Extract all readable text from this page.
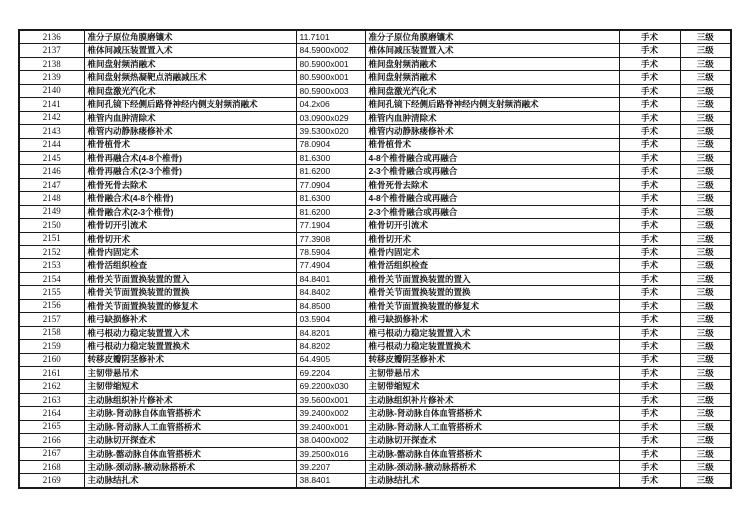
2136	准分子原位角膜磨镶术	11.7101	准分子原位角膜磨镶术	手术	三级
2137	椎体间减压装置置入术	84.5900x002	椎体间减压装置置入术	手术	三级
2138	椎间盘射频消融术	80.5900x001	椎间盘射频消融术	手术	三级
2139	椎间盘射频热凝靶点消融减压术	80.5900x001	椎间盘射频消融术	手术	三级
2140	椎间盘激光汽化术	80.5900x003	椎间盘激光汽化术	手术	三级
2141	椎间孔镜下经侧后路脊神经内侧支射频消融术	04.2x06	椎间孔镜下经侧后路脊神经内侧支射频消融术	手术	三级
2142	椎管内血肿清除术	03.0900x029	椎管内血肿清除术	手术	三级
2143	椎管内动静脉瘘修补术	39.5300x020	椎管内动静脉瘘修补术	手术	三级
2144	椎骨植骨术	78.0904	椎骨植骨术	手术	三级
2145	椎骨再融合术(4-8个椎骨)	81.6300	4-8个椎骨融合或再融合	手术	三级
2146	椎骨再融合术(2-3个椎骨)	81.6200	2-3个椎骨融合或再融合	手术	三级
2147	椎骨死骨去除术	77.0904	椎骨死骨去除术	手术	三级
2148	椎骨融合术(4-8个椎骨)	81.6300	4-8个椎骨融合或再融合	手术	三级
2149	椎骨融合术(2-3个椎骨)	81.6200	2-3个椎骨融合或再融合	手术	三级
2150	椎骨切开引流术	77.1904	椎骨切开引流术	手术	三级
2151	椎骨切开术	77.3908	椎骨切开术	手术	三级
2152	椎骨内固定术	78.5904	椎骨内固定术	手术	三级
2153	椎骨活组织检查	77.4904	椎骨活组织检查	手术	三级
2154	椎骨关节面置换装置的置入	84.8401	椎骨关节面置换装置的置入	手术	三级
2155	椎骨关节面置换装置的置换	84.8402	椎骨关节面置换装置的置换	手术	三级
2156	椎骨关节面置换装置的修复术	84.8500	椎骨关节面置换装置的修复术	手术	三级
2157	椎弓缺损修补术	03.5904	椎弓缺损修补术	手术	三级
2158	椎弓根动力稳定装置置入术	84.8201	椎弓根动力稳定装置置入术	手术	三级
2159	椎弓根动力稳定装置置换术	84.8202	椎弓根动力稳定装置置换术	手术	三级
2160	转移皮瓣阴茎修补术	64.4905	转移皮瓣阴茎修补术	手术	三级
2161	主韧带悬吊术	69.2204	主韧带悬吊术	手术	三级
2162	主韧带缩短术	69.2200x030	主韧带缩短术	手术	三级
2163	主动脉组织补片修补术	39.5600x001	主动脉组织补片修补术	手术	三级
2164	主动脉-肾动脉自体血管搭桥术	39.2400x002	主动脉-肾动脉自体血管搭桥术	手术	三级
2165	主动脉-肾动脉人工血管搭桥术	39.2400x001	主动脉-肾动脉人工血管搭桥术	手术	三级
2166	主动脉切开探查术	38.0400x002	主动脉切开探查术	手术	三级
2167	主动脉-髂动脉自体血管搭桥术	39.2500x016	主动脉-髂动脉自体血管搭桥术	手术	三级
2168	主动脉-颈动脉-腋动脉搭桥术	39.2207	主动脉-颈动脉-腋动脉搭桥术	手术	三级
2169	主动脉结扎术	38.8401	主动脉结扎术	手术	三级
